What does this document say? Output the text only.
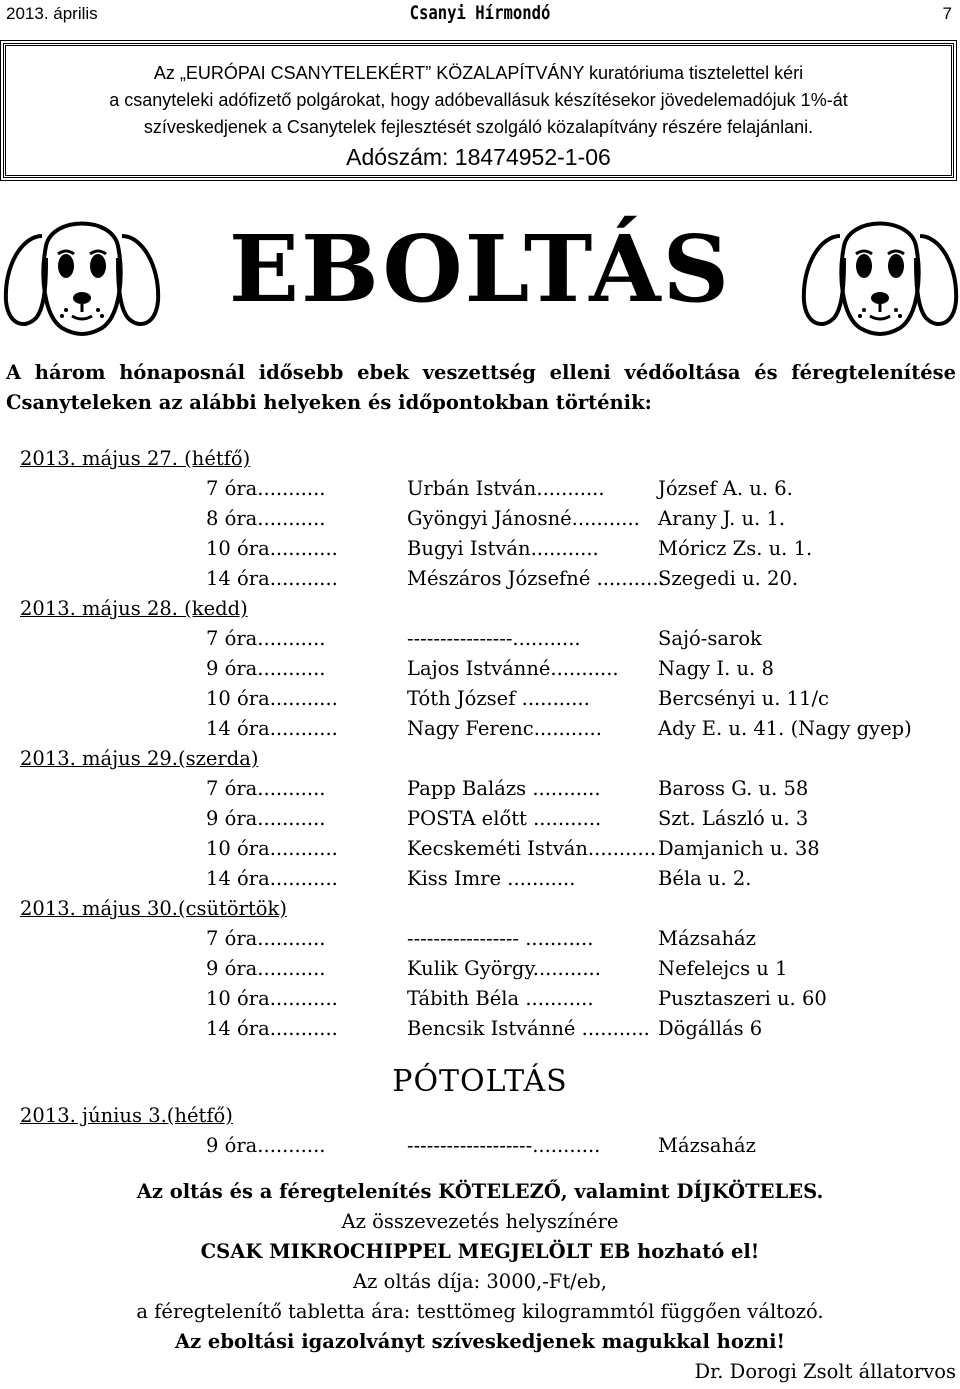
2013. április	Csanyi Hírmondó	7
Az „EURÓPAI CSANYTELEKÉRT” KÖZALAPÍTVÁNY kuratóriuma tisztelettel kéri
a csanyteleki adófizető polgárokat, hogy adóbevallásuk készítésekor jövedelemadójuk 1%-át
szíveskedjenek a Csanytelek fejlesztését szolgáló közalapítvány részére felajánlani.
Adószám: 18474952-1-06
EBOLTÁS
A három hónaposnál idősebb ebek veszettség elleni védőoltása és féregtelenítése
Csanyteleken az alábbi helyeken és időpontokban történik:
2013. május 27. (hétfő)
7 óra...........	Urbán István...........	József A. u. 6.
8 óra...........	Gyöngyi Jánosné........... Arany J. u. 1.
10 óra...........	Bugyi István...........	Móricz Zs. u. 1.
14 óra...........	Mészáros Józsefné ...........Szegedi u. 20.
2013. május 28. (kedd)
7 óra...........	----------------...........	Sajó-sarok
9 óra...........	Lajos Istvánné........... Nagy I. u. 8
10 óra...........	Tóth József ...........	Bercsényi u. 11/c
14 óra...........	Nagy Ferenc...........	Ady E. u. 41. (Nagy gyep)
2013. május 29.(szerda)
7 óra...........	Papp Balázs ...........	Baross G. u. 58
9 óra...........	POSTA előtt ...........	Szt. László u. 3
10 óra...........	Kecskeméti István...........Damjanich u. 38
14 óra...........	Kiss Imre ...........	Béla u. 2.
2013. május 30.(csütörtök)
7 óra...........	----------------- ...........	Mázsaház
9 óra...........	Kulik György...........	Nefelejcs u 1
10 óra...........	Tábith Béla ...........	Pusztaszeri u. 60
14 óra...........	Bencsik Istvánné ........... Dögállás 6
PÓTOLTÁS
2013. június 3.(hétfő)
9 óra...........	-------------------...........	Mázsaház
Az oltás és a féregtelenítés KÖTELEZŐ, valamint DÍJKÖTELES.
Az összevezetés helyszínére
CSAK MIKROCHIPPEL MEGJELÖLT EB hozható el!
Az oltás díja: 3000,-Ft/eb,
a féregtelenítő tabletta ára: testtömeg kilogrammtól függően változó.
Az eboltási igazolványt szíveskedjenek magukkal hozni!
Dr. Dorogi Zsolt állatorvos
